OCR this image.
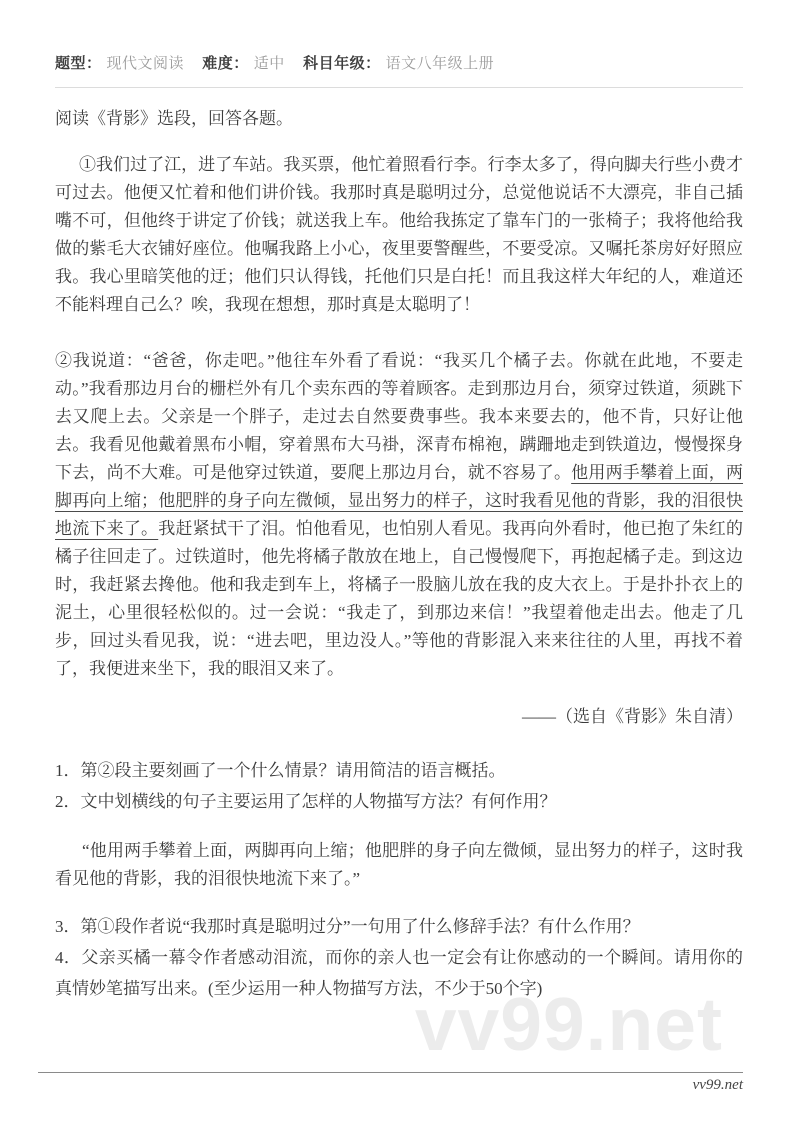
vv99.net
题型： 现代文阅读 难度： 适中 科目年级： 语文八年级上册

阅读《背影》选段，回答各题。

①我们过了江，进了车站。我买票，他忙着照看行李。行李太多了，得向脚夫行些小费才可过去。他便又忙着和他们讲价钱。我那时真是聪明过分，总觉他说话不大漂亮，非自己插嘴不可，但他终于讲定了价钱；就送我上车。他给我拣定了靠车门的一张椅子；我将他给我做的紫毛大衣铺好座位。他嘱我路上小心，夜里要警醒些，不要受凉。又嘱托茶房好好照应我。我心里暗笑他的迂；他们只认得钱，托他们只是白托！而且我这样大年纪的人，难道还不能料理自己么？唉，我现在想想，那时真是太聪明了！

②我说道：“爸爸，你走吧。”他往车外看了看说：“我买几个橘子去。你就在此地，不要走动。”我看那边月台的栅栏外有几个卖东西的等着顾客。走到那边月台，须穿过铁道，须跳下去又爬上去。父亲是一个胖子，走过去自然要费事些。我本来要去的，他不肯，只好让他去。我看见他戴着黑布小帽，穿着黑布大马褂，深青布棉袍，蹒跚地走到铁道边，慢慢探身下去，尚不大难。可是他穿过铁道，要爬上那边月台，就不容易了。他用两手攀着上面，两脚再向上缩；他肥胖的身子向左微倾，显出努力的样子，这时我看见他的背影，我的泪很快地流下来了。我赶紧拭干了泪。怕他看见，也怕别人看见。我再向外看时，他已抱了朱红的橘子往回走了。过铁道时，他先将橘子散放在地上，自己慢慢爬下，再抱起橘子走。到这边时，我赶紧去搀他。他和我走到车上，将橘子一股脑儿放在我的皮大衣上。于是扑扑衣上的泥土，心里很轻松似的。过一会说：“我走了，到那边来信！”我望着他走出去。他走了几步，回过头看见我，说：“进去吧，里边没人。”等他的背影混入来来往往的人里，再找不着了，我便进来坐下，我的眼泪又来了。

——（选自《背影》朱自清）

1．第②段主要刻画了一个什么情景？请用简洁的语言概括。

2．文中划横线的句子主要运用了怎样的人物描写方法？有何作用？

“他用两手攀着上面，两脚再向上缩；他肥胖的身子向左微倾，显出努力的样子，这时我看见他的背影，我的泪很快地流下来了。”

3．第①段作者说“我那时真是聪明过分”一句用了什么修辞手法？有什么作用？

4．父亲买橘一幕令作者感动泪流，而你的亲人也一定会有让你感动的一个瞬间。请用你的真情妙笔描写出来。(至少运用一种人物描写方法，不少于50个字)

vv99.net
